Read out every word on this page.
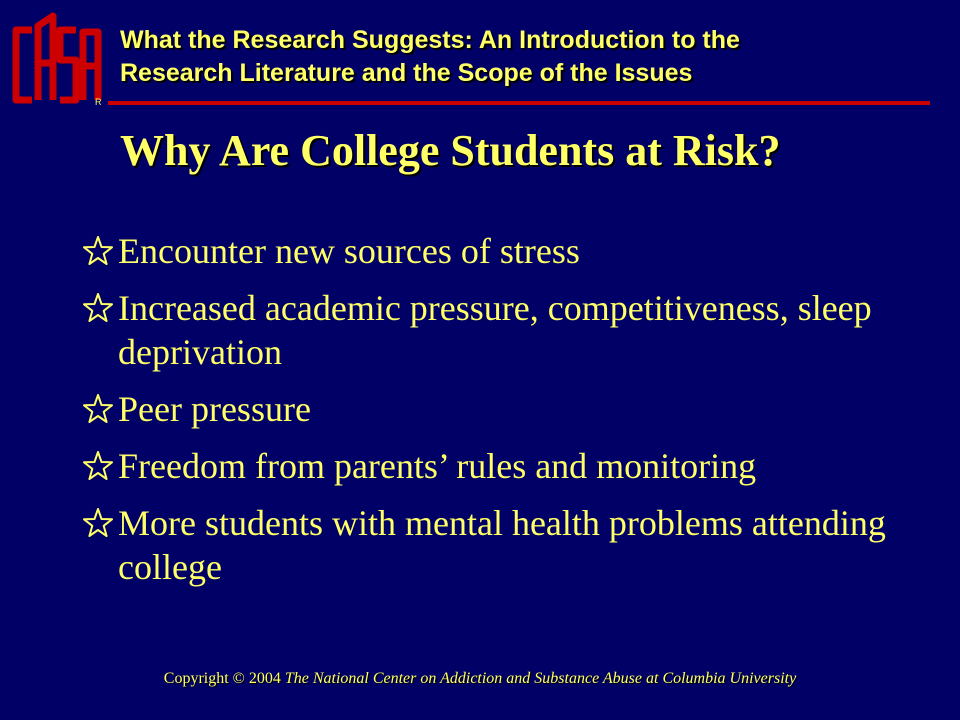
R
What the Research Suggests: An Introduction to the
Research Literature and the Scope of the Issues
Why Are College Students at Risk?
Encounter new sources of stress
Increased academic pressure, competitiveness, sleep deprivation
Peer pressure
Freedom from parents’ rules and monitoring
More students with mental health problems attending college
Copyright © 2004 The National Center on Addiction and Substance Abuse at Columbia University
